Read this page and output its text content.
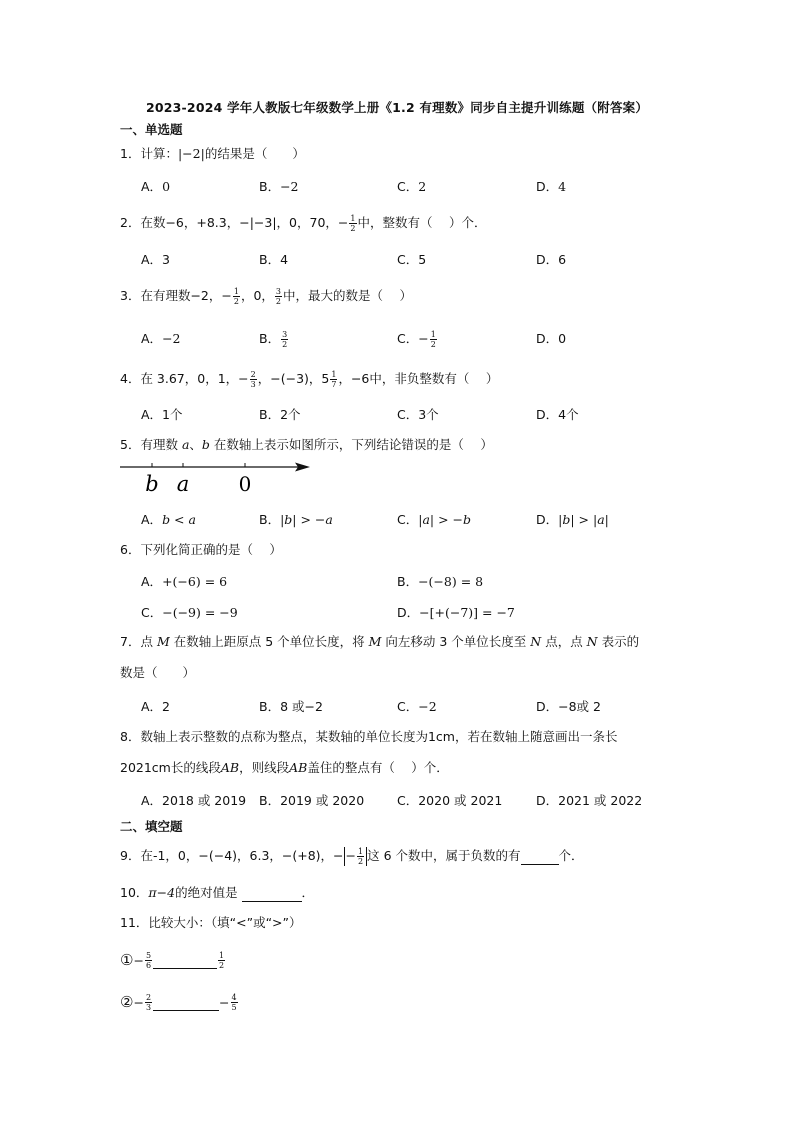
2023-2024 学年人教版七年级数学上册《1.2 有理数》同步自主提升训练题（附答案）
一、单选题
1．计算：|−2|的结果是（　　）
A．0	B．−2	C．2	D．4
2．在数−6，+8.3，−|−3|，0，70，− $\frac{1}{2}$ 中，整数有（　 ）个．
A．3	B．4	C．5	D．6
3．在有理数−2，− $\frac{1}{2}$ ，0， $\frac{3}{2}$ 中，最大的数是（　 ）
A．−2	B． $\frac{3}{2}$	C．− $\frac{1}{2}$	D．0
4．在 3.67，0，1，− $\frac{2}{3}$ ，−(−3)，$5 \frac{1}{7}$ ，−6中，非负整数有（　 ）
A．1个	B．2个	C．3个	D．4个
5．有理数 a、b 在数轴上表示如图所示，下列结论错误的是（　 ）
b a 0
A．b < a	B．|b| > −a	C．|a| > −b	D．|b| > |a|
6．下列化简正确的是（　 ）
A．+(−6) = 6	B．−(−8) = 8
C．−(−9) = −9	D．−[+(−7)] = −7
7．点 M 在数轴上距原点 5 个单位长度，将 M 向左移动 3 个单位长度至 N 点，点 N 表示的
数是（　　）
A．2	B．8 或−2	C．−2	D．−8或 2
8．数轴上表示整数的点称为整点，某数轴的单位长度为1cm，若在数轴上随意画出一条长
2021cm长的线段AB，则线段AB盖住的整点有（　 ）个．
A．2018 或 2019 B．2019 或 2020	C．2020 或 2021	D．2021 或 2022
二、填空题
9．在-1，0，−(−4)，6.3，−(+8)，− − $\frac{1}{2}$ 这 6 个数中，属于负数的有	个．
10．π−4的绝对值是	．
11．比较大小：（填“<”或“>”）
①− $\frac{5}{6}$
	$\frac{1}{2}$
②− $\frac{2}{3}$	− $\frac{4}{5}$
